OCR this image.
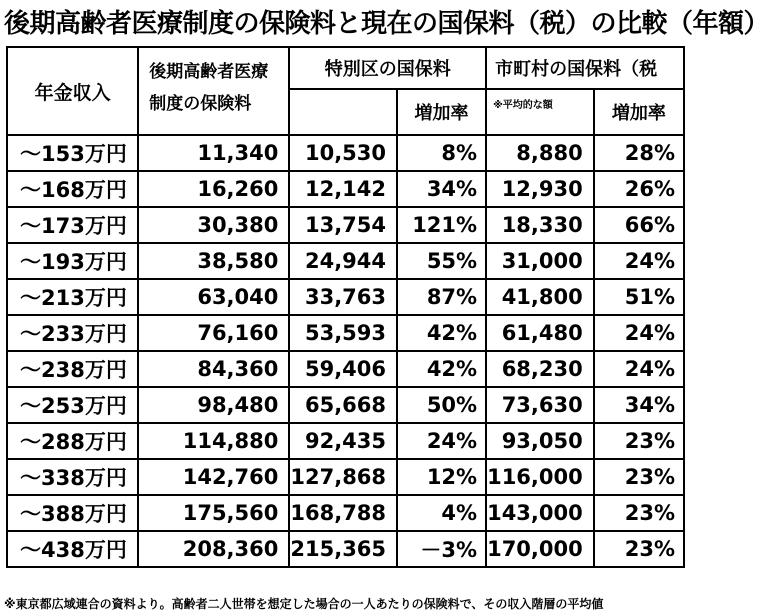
後期高齢者医療制度の保険料と現在の国保料（税）の比較（年額）
年金収入	後期高齢者医療
制度の保険料	特別区の国保料		市町村の国保料（税	
			増加率	※平均的な額	増加率
～153万円	11,340	10,530	8%	8,880	28%
～168万円	16,260	12,142	34%	12,930	26%
～173万円	30,380	13,754	121%	18,330	66%
～193万円	38,580	24,944	55%	31,000	24%
～213万円	63,040	33,763	87%	41,800	51%
～233万円	76,160	53,593	42%	61,480	24%
～238万円	84,360	59,406	42%	68,230	24%
～253万円	98,480	65,668	50%	73,630	34%
～288万円	114,880	92,435	24%	93,050	23%
～338万円	142,760	127,868	12%	116,000	23%
～388万円	175,560	168,788	4%	143,000	23%
～438万円	208,360	215,365	－3%	170,000	23%
※東京都広域連合の資料より。高齢者二人世帯を想定した場合の一人あたりの保険料で、その収入階層の平均値
